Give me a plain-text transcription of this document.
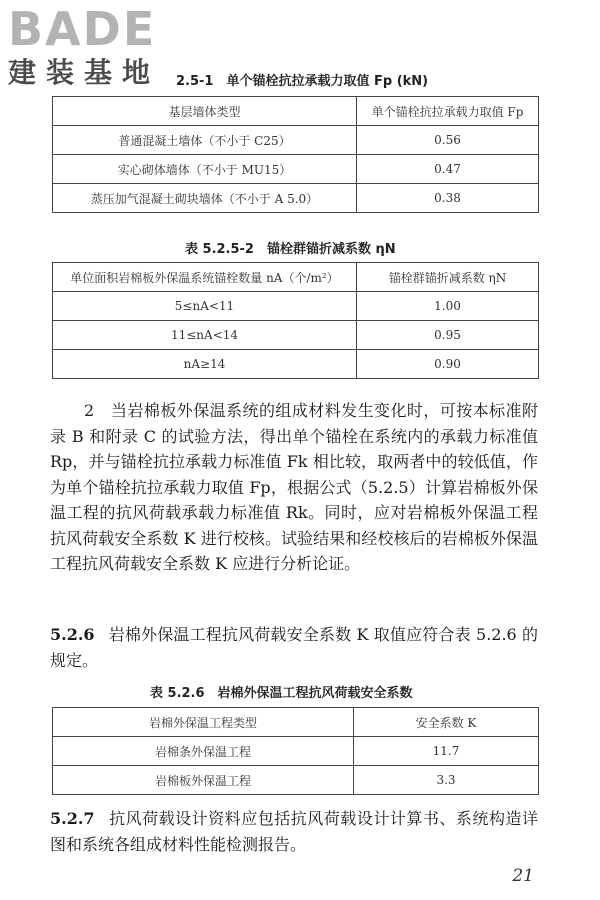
BADE
建装基地	2.5-1　单个锚栓抗拉承载力取值 Fp (kN)
基层墙体类型	单个锚栓抗拉承载力取值 Fp
普通混凝土墙体（不小于 C25）	0.56
实心砌体墙体（不小于 MU15）	0.47
蒸压加气混凝土砌块墙体（不小于 A 5.0）	0.38
表 5.2.5-2　锚栓群锚折减系数 ηN
单位面积岩棉板外保温系统锚栓数量 nA（个/m²）	锚栓群锚折减系数 ηN
5≤nA<11	1.00
11≤nA<14	0.95
nA≥14	0.90

2　当岩棉板外保温系统的组成材料发生变化时，可按本标准附录 B 和附录 C 的试验方法，得出单个锚栓在系统内的承载力标准值 Rp，并与锚栓抗拉承载力标准值 Fk 相比较，取两者中的较低值，作为单个锚栓抗拉承载力取值 Fp，根据公式（5.2.5）计算岩棉板外保温工程的抗风荷载承载力标准值 Rk。同时，应对岩棉板外保温工程抗风荷载安全系数 K 进行校核。试验结果和经校核后的岩棉板外保温工程抗风荷载安全系数 K 应进行分析论证。

5.2.6 岩棉外保温工程抗风荷载安全系数 K 取值应符合表 5.2.6 的规定。

表 5.2.6　岩棉外保温工程抗风荷载安全系数
岩棉外保温工程类型	安全系数 K
岩棉条外保温工程	11.7
岩棉板外保温工程	3.3

5.2.7 抗风荷载设计资料应包括抗风荷载设计计算书、系统构造详图和系统各组成材料性能检测报告。

21
